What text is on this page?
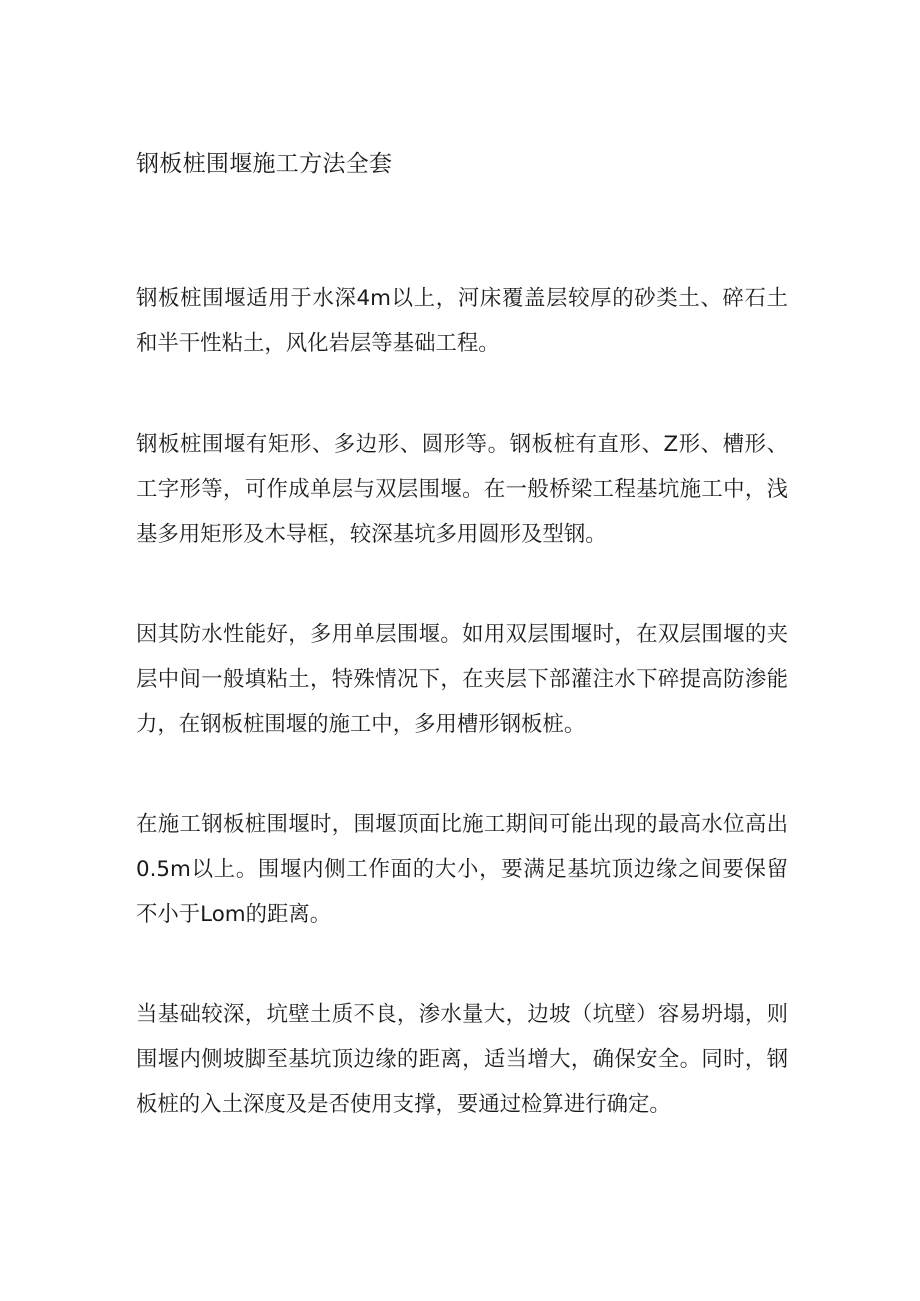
钢板桩围堰施工方法全套

钢板桩围堰适用于水深4m以上，河床覆盖层较厚的砂类土、碎石土和半干性粘土，风化岩层等基础工程。

钢板桩围堰有矩形、多边形、圆形等。钢板桩有直形、Z形、槽形、工字形等，可作成单层与双层围堰。在一般桥梁工程基坑施工中，浅基多用矩形及木导框，较深基坑多用圆形及型钢。

因其防水性能好，多用单层围堰。如用双层围堰时，在双层围堰的夹层中间一般填粘土，特殊情况下，在夹层下部灌注水下碎提高防渗能力，在钢板桩围堰的施工中，多用槽形钢板桩。

在施工钢板桩围堰时，围堰顶面比施工期间可能出现的最高水位高出0.5m以上。围堰内侧工作面的大小，要满足基坑顶边缘之间要保留不小于Lom的距离。

当基础较深，坑壁土质不良，渗水量大，边坡（坑壁）容易坍塌，则围堰内侧坡脚至基坑顶边缘的距离，适当增大，确保安全。同时，钢板桩的入土深度及是否使用支撑，要通过检算进行确定。
